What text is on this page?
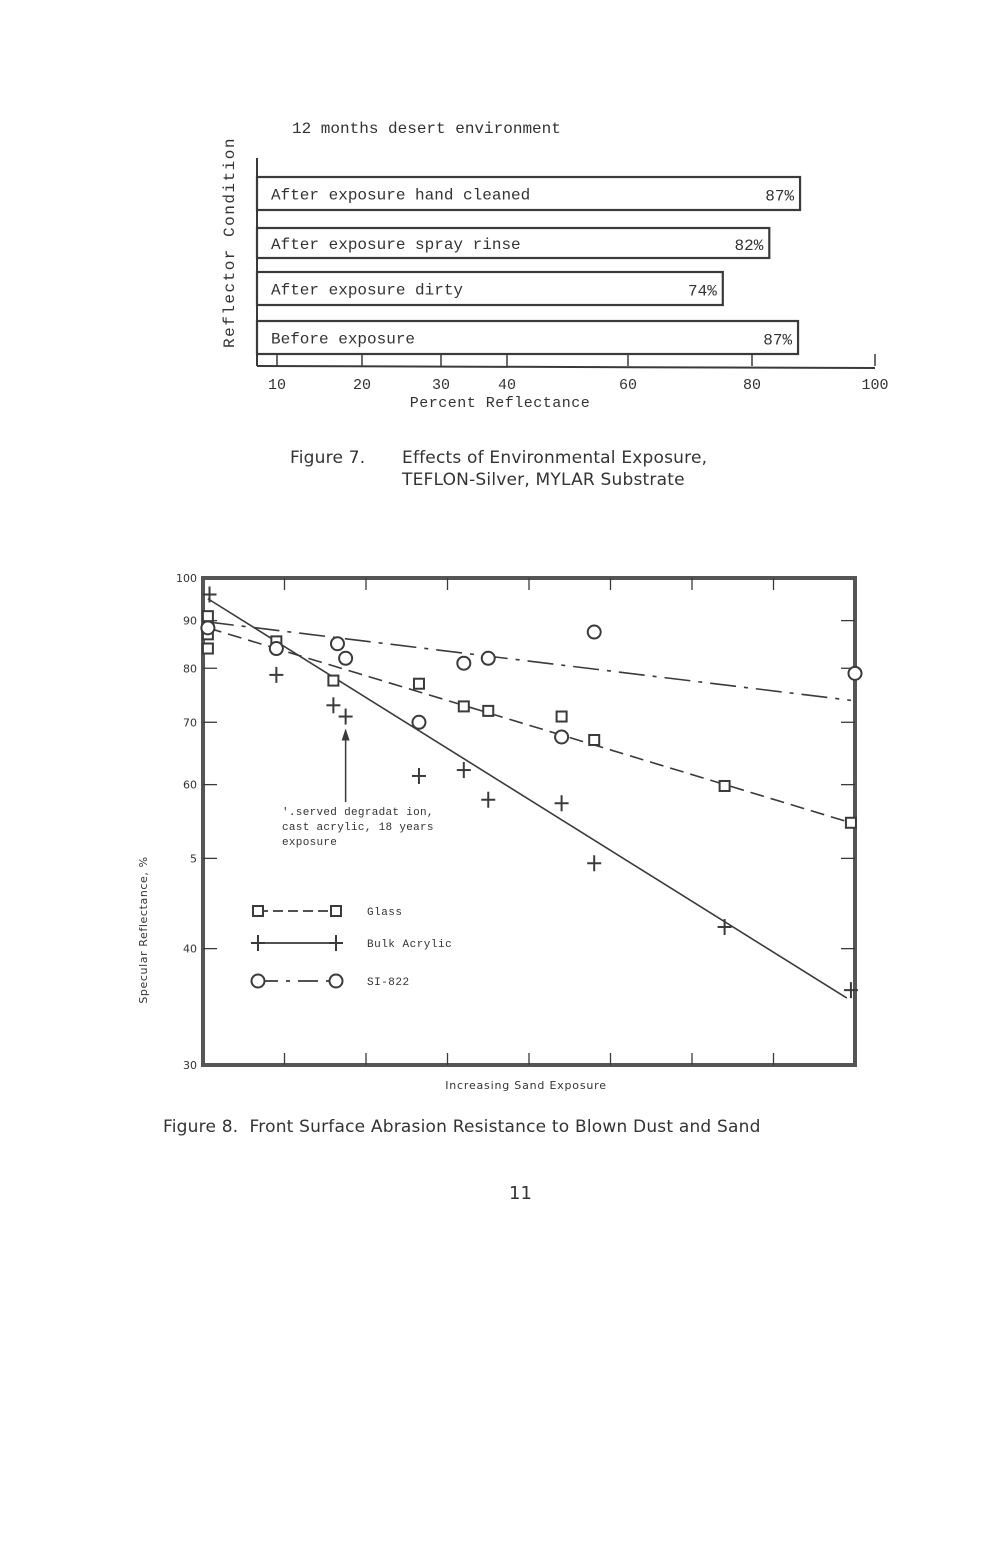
12 months desert environment
Reflector Condition
Percent Reflectance
After exposure hand cleaned	87%
After exposure spray rinse	82%
After exposure dirty	74%
Before exposure	87%
10	20	30	40	60	80	100
Figure 7. Effects of Environmental Exposure,
TEFLON-Silver, MYLAR Substrate
100
90
80
70
60
5​
40
30
′.served degradat ion,
cast acrylic, 18 years
exposure
Glass
Bulk Acrylic
SI-822
Specular Reflectance, %
Increasing Sand Exposure
Figure 8.  Front Surface Abrasion Resistance to Blown Dust and Sand
11
